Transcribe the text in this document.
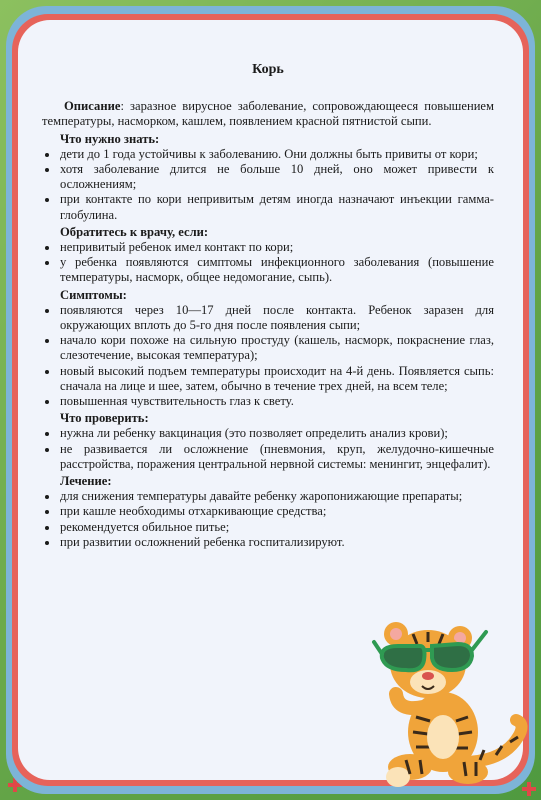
Корь

Описание: заразное вирусное заболевание, сопровождающееся повышением температуры, насморком, кашлем, появлением красной пятнистой сыпи.

Что нужно знать:
дети до 1 года устойчивы к заболеванию. Они должны быть привиты от кори;
хотя заболевание длится не больше 10 дней, оно может привести к осложнениям;
при контакте по кори непривитым детям иногда назначают инъекции гамма-глобулина.
Обратитесь к врачу, если:
непривитый ребенок имел контакт по кори;
у ребенка появляются симптомы инфекционного заболевания (повышение температуры, насморк, общее недомогание, сыпь).
Симптомы:
появляются через 10—17 дней после контакта. Ребенок заразен для окружающих вплоть до 5-го дня после появления сыпи;
начало кори похоже на сильную простуду (кашель, насморк, покраснение глаз, слезотечение, высокая температура);
новый высокий подъем температуры происходит на 4-й день. Появляется сыпь: сначала на лице и шее, затем, обычно в течение трех дней, на всем теле;
повышенная чувствительность глаз к свету.
Что проверить:
нужна ли ребенку вакцинация (это позволяет определить анализ крови);
не развивается ли осложнение (пневмония, круп, желудочно-кишечные расстройства, поражения центральной нервной системы: менингит, энцефалит).
Лечение:
для снижения температуры давайте ребенку жаропонижающие препараты;
при кашле необходимы отхаркивающие средства;
рекомендуется обильное питье;
при развитии осложнений ребенка госпитализируют.
